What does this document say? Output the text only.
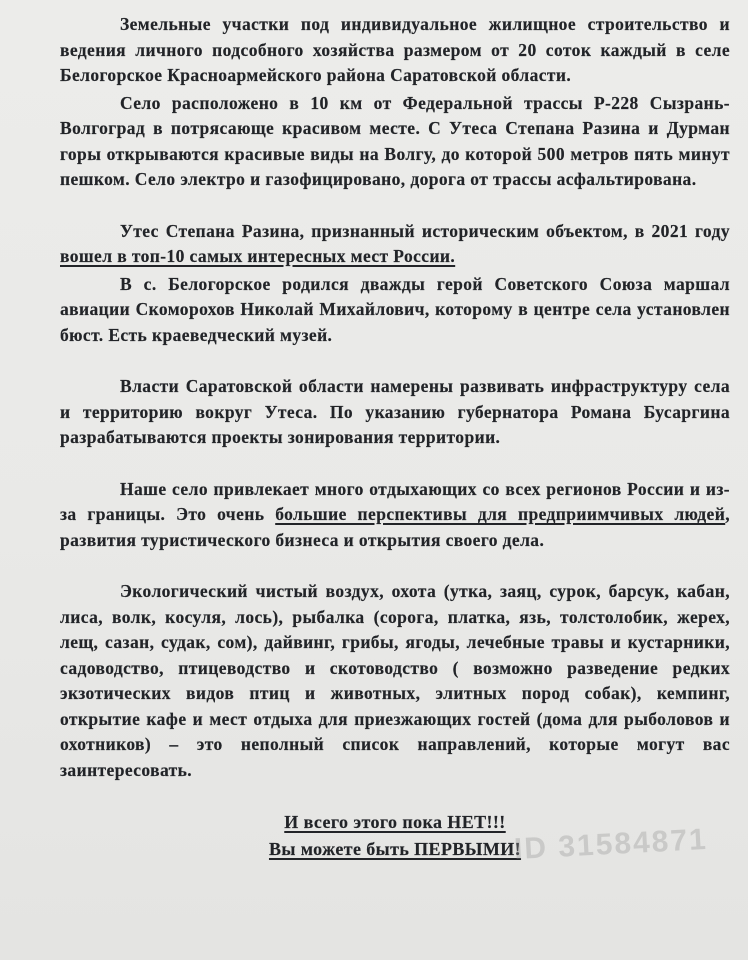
Земельные участки под индивидуальное жилищное строительство и ведения личного подсобного хозяйства размером от 20 соток каждый в селе Белогорское Красноармейского района Саратовской области.

Село расположено в 10 км от Федеральной трассы Р-228 Сызрань-Волгоград в потрясающе красивом месте. С Утеса Степана Разина и Дурман горы открываются красивые виды на Волгу, до которой 500 метров пять минут пешком. Село электро и газофицировано, дорога от трассы асфальтирована.

Утес Степана Разина, признанный историческим объектом, в 2021 году вошел в топ-10 самых интересных мест России.

В с. Белогорское родился дважды герой Советского Союза маршал авиации Скоморохов Николай Михайлович, которому в центре села установлен бюст. Есть краеведческий музей.

Власти Саратовской области намерены развивать инфраструктуру села и территорию вокруг Утеса. По указанию губернатора Романа Бусаргина разрабатываются проекты зонирования территории.

Наше село привлекает много отдыхающих со всех регионов России и из-за границы. Это очень большие перспективы для предприимчивых людей, развития туристического бизнеса и открытия своего дела.

Экологический чистый воздух, охота (утка, заяц, сурок, барсук, кабан, лиса, волк, косуля, лось), рыбалка (сорога, платка, язь, толстолобик, жерех, лещ, сазан, судак, сом), дайвинг, грибы, ягоды, лечебные травы и кустарники, садоводство, птицеводство и скотоводство ( возможно разведение редких экзотических видов птиц и животных, элитных пород собак), кемпинг, открытие кафе и мест отдыха для приезжающих гостей (дома для рыболовов и охотников) – это неполный список направлений, которые могут вас заинтересовать.

И всего этого пока НЕТ!!!

Вы можете быть ПЕРВЫМИ!

ID 31584871
